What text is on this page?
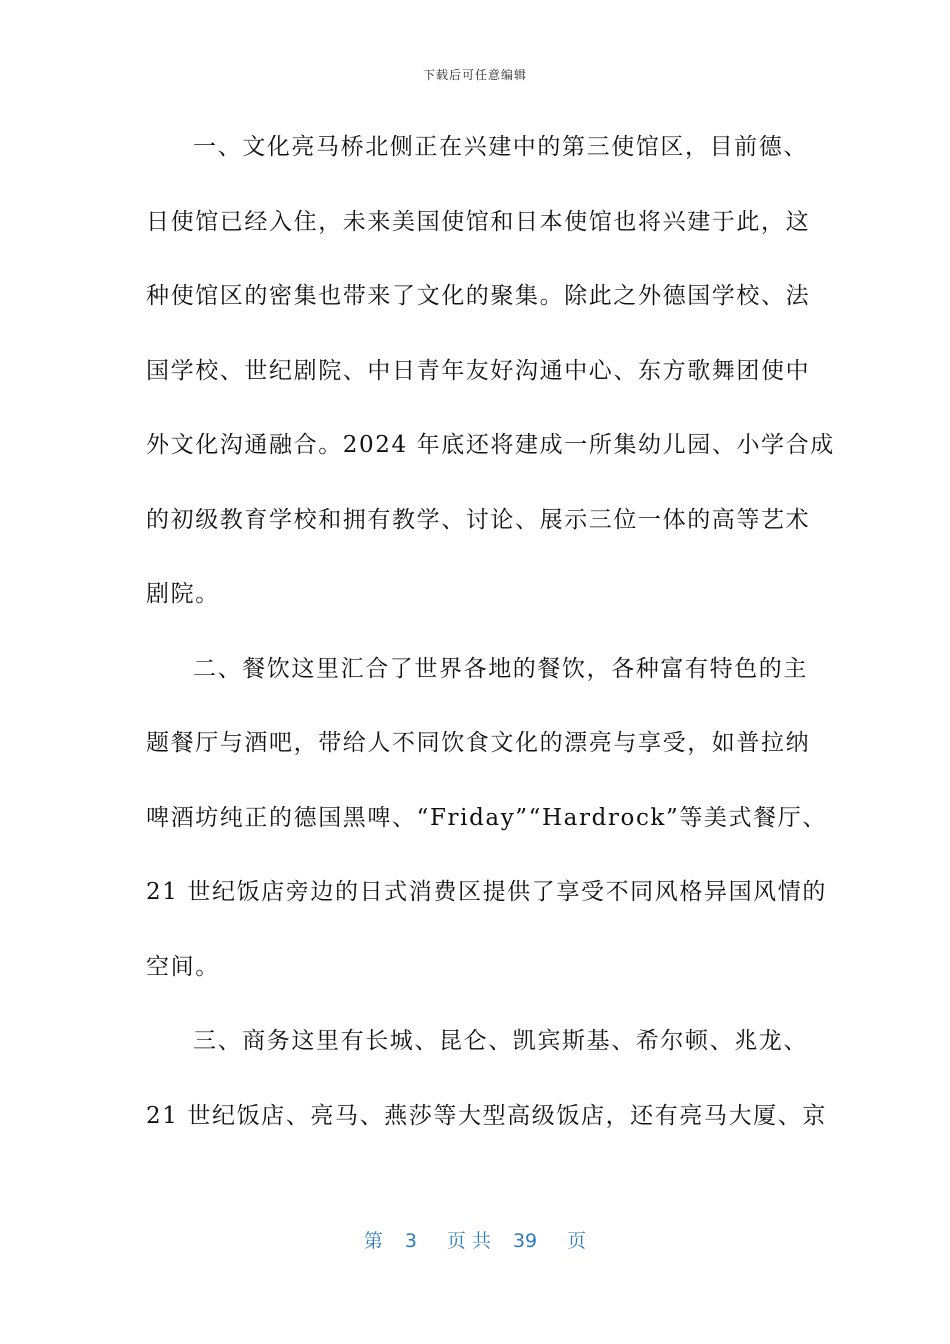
下载后可任意编辑
一、文化亮马桥北侧正在兴建中的第三使馆区，目前德、
日使馆已经入住，未来美国使馆和日本使馆也将兴建于此，这
种使馆区的密集也带来了文化的聚集。除此之外德国学校、法
国学校、世纪剧院、中日青年友好沟通中心、东方歌舞团使中
外文化沟通融合。2024 年底还将建成一所集幼儿园、小学合成
的初级教育学校和拥有教学、讨论、展示三位一体的高等艺术
剧院。
二、餐饮这里汇合了世界各地的餐饮，各种富有特色的主
题餐厅与酒吧，带给人不同饮食文化的漂亮与享受，如普拉纳
啤酒坊纯正的德国黑啤、“Friday”“Hardrock”等美式餐厅、
21 世纪饭店旁边的日式消费区提供了享受不同风格异国风情的
空间。
三、商务这里有长城、昆仑、凯宾斯基、希尔顿、兆龙、
21 世纪饭店、亮马、燕莎等大型高级饭店，还有亮马大厦、京
第 3 页 共 39 页
